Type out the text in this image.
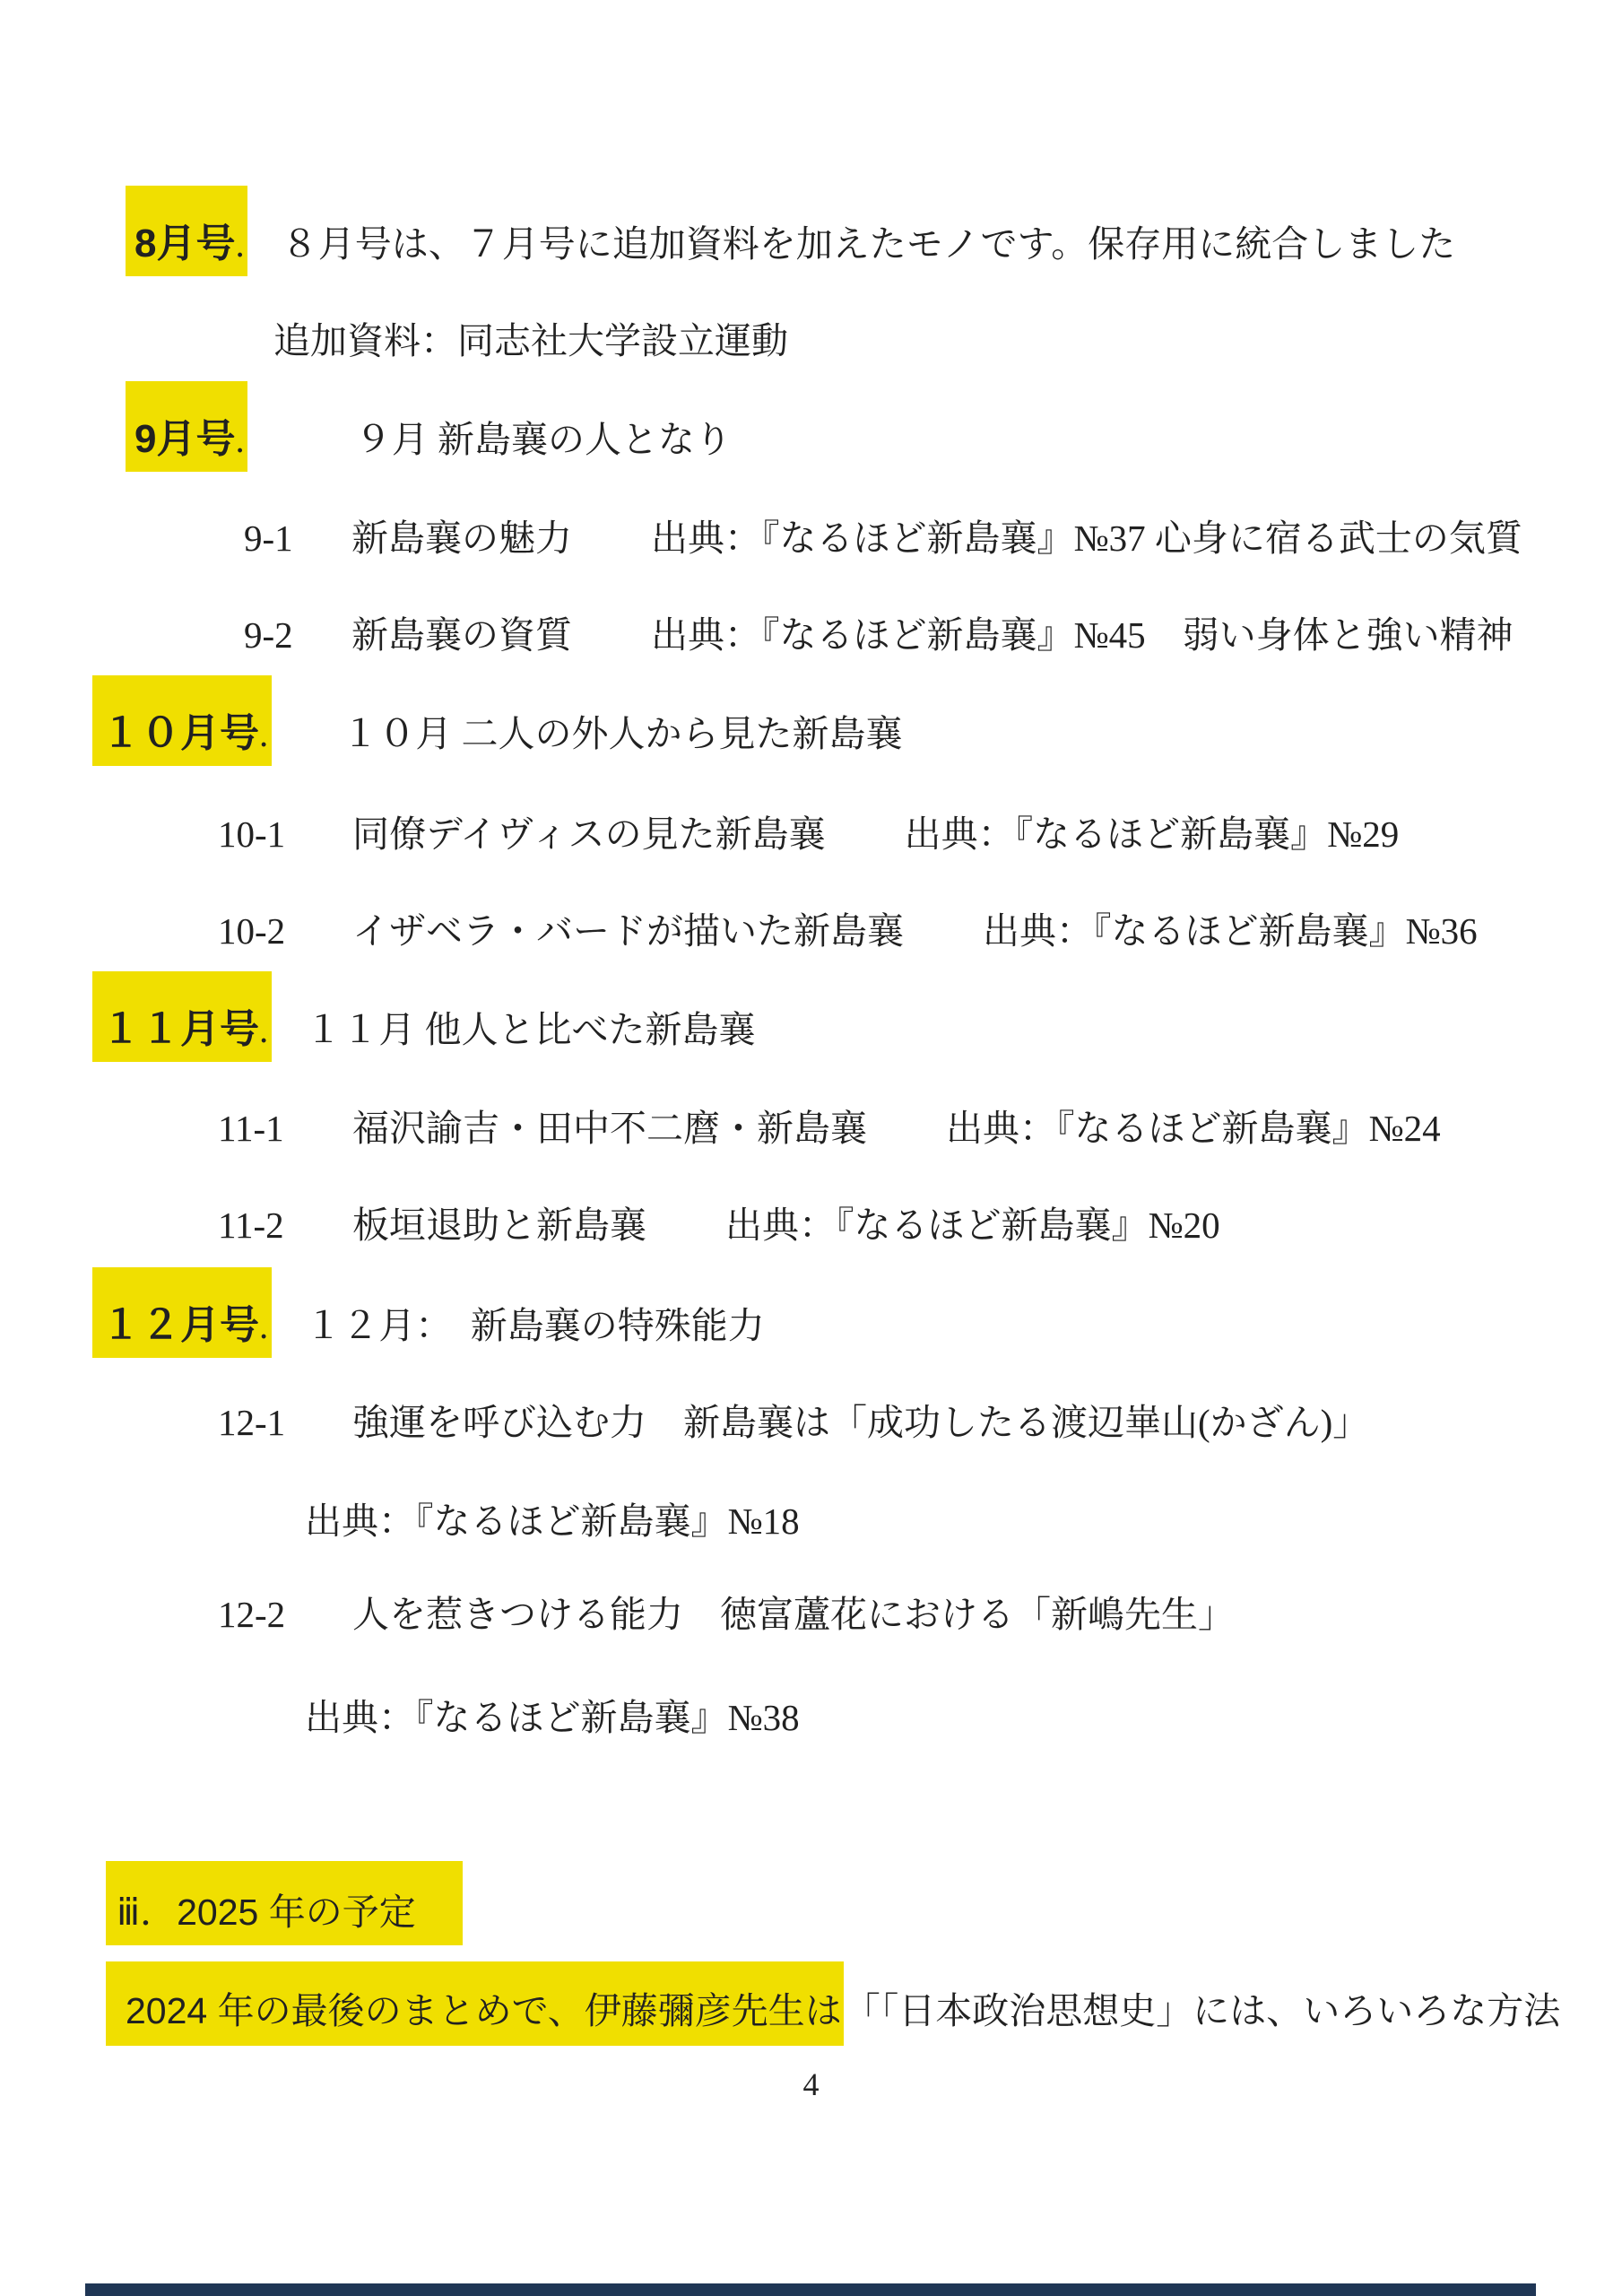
8月号.　８月号は、７月号に追加資料を加えたモノです。保存用に統合しました
追加資料：同志社大学設立運動
9月号.　　　９月 新島襄の人となり
9-1 新島襄の魅力 出典：『なるほど新島襄』№37 心身に宿る武士の気質
9-2 新島襄の資質 出典：『なるほど新島襄』№45　弱い身体と強い精神
１０月号.　　１０月 二人の外人から見た新島襄
10-1 同僚デイヴィスの見た新島襄 出典：『なるほど新島襄』№29
10-2 イザベラ・バードが描いた新島襄 出典：『なるほど新島襄』№36
１１月号.　１１月 他人と比べた新島襄
11-1 福沢諭吉・田中不二麿・新島襄 出典：『なるほど新島襄』№24
11-2 板垣退助と新島襄 出典：『なるほど新島襄』№20
１２月号.　１２月：　新島襄の特殊能力
12-1 強運を呼び込む力　新島襄は「成功したる渡辺崋山(かざん)」
出典：『なるほど新島襄』№18
12-2 人を惹きつける能力　徳富蘆花における「新嶋先生」
出典：『なるほど新島襄』№38
ⅲ．2025 年の予定
2024 年の最後のまとめで、伊藤彌彦先生は「「日本政治思想史」には、いろいろな方法
4
